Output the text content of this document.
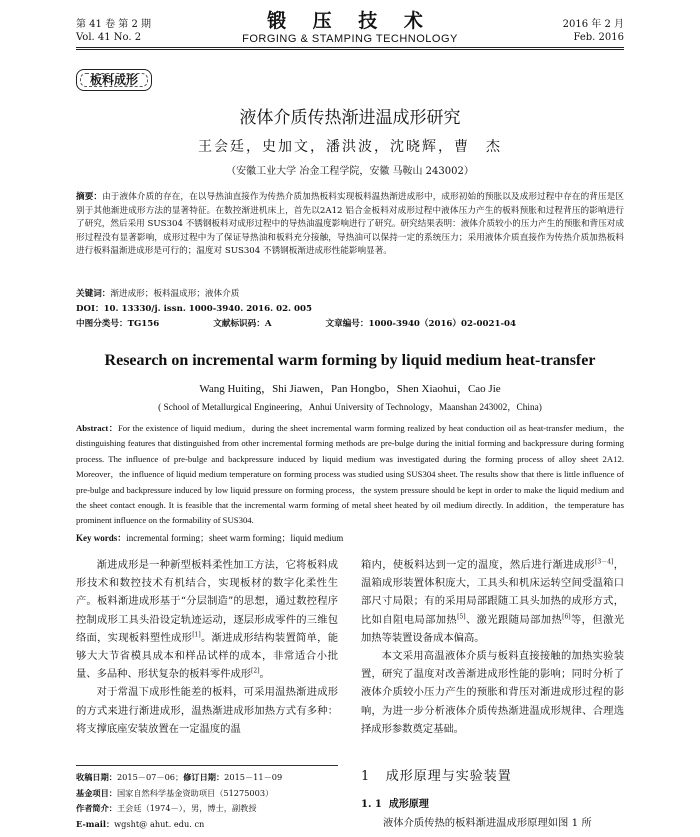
第 41 卷 第 2 期
Vol. 41 No. 2
锻 压 技 术
FORGING & STAMPING TECHNOLOGY
2016 年 2 月
Feb. 2016
板料成形
液体介质传热渐进温成形研究
王会廷，史加文，潘洪波，沈晓辉，曹　杰
（安徽工业大学 冶金工程学院，安徽 马鞍山 243002）
摘要：由于液体介质的存在，在以导热油直接作为传热介质加热板料实现板料温热渐进成形中，成形初始的预胀以及成形过程中存在的背压是区别于其他渐进成形方法的显著特征。在数控渐进机床上，首先以2A12 铝合金板料对成形过程中液体压力产生的板料预胀和过程背压的影响进行了研究，然后采用 SUS304 不锈钢板料对成形过程中的导热油温度影响进行了研究。研究结果表明：液体介质较小的压力产生的预胀和背压对成形过程没有显著影响，成形过程中为了保证导热油和板料充分接触，导热油可以保持一定的系统压力；采用液体介质直接作为传热介质加热板料进行板料温渐进成形是可行的；温度对 SUS304 不锈钢板渐进成形性能影响显著。
关键词：渐进成形；板料温成形；液体介质
DOI：10. 13330/j. issn. 1000-3940. 2016. 02. 005
中图分类号：TG156	文献标识码：A	文章编号：1000-3940（2016）02-0021-04
Research on incremental warm forming by liquid medium heat-transfer
Wang Huiting，Shi Jiawen，Pan Hongbo，Shen Xiaohui，Cao Jie
( School of Metallurgical Engineering，Anhui University of Technology，Maanshan 243002，China)
Abstract：For the existence of liquid medium，during the sheet incremental warm forming realized by heat conduction oil as heat-transfer medium，the distinguishing features that distinguished from other incremental forming methods are pre-bulge during the initial forming and backpressure during forming process. The influence of pre-bulge and backpressure induced by liquid medium was investigated during the forming process of alloy sheet 2A12. Moreover，the influence of liquid medium temperature on forming process was studied using SUS304 sheet. The results show that there is little influence of pre-bulge and backpressure induced by low liquid pressure on forming process，the system pressure should be kept in order to make the liquid medium and the sheet contact enough. It is feasible that the incremental warm forming of metal sheet heated by oil medium directly. In addition，the temperature has prominent influence on the formability of SUS304.
Key words：incremental forming；sheet warm forming；liquid medium

渐进成形是一种新型板料柔性加工方法，它将板料成形技术和数控技术有机结合，实现板材的数字化柔性生产。板料渐进成形基于“分层制造”的思想，通过数控程序控制成形工具头沿设定轨迹运动，逐层形成零件的三维包络面，实现板料塑性成形[1]。渐进成形结构装置简单，能够大大节省模具成本和样品试样的成本，非常适合小批量、多品种、形状复杂的板料零件成形[2]。

对于常温下成形性能差的板料，可采用温热渐进成形的方式来进行渐进成形，温热渐进成形加热方式有多种：将支撑底座安装放置在一定温度的温

箱内，使板料达到一定的温度，然后进行渐进成形[3－4]，温箱成形装置体积庞大，工具头和机床运转空间受温箱口部尺寸局限；有的采用局部跟随工具头加热的成形方式，比如自阻电局部加热[5]、激光跟随局部加热[6]等，但激光加热等装置设备成本偏高。

本文采用高温液体介质与板料直接接触的加热实验装置，研究了温度对改善渐进成形性能的影响；同时分析了液体介质较小压力产生的预胀和背压对渐进成形过程的影响，为进一步分析液体介质传热渐进温成形规律、合理选择成形参数奠定基础。

收稿日期：2015－07－06；修订日期：2015－11－09
基金项目：国家自然科学基金资助项目（51275003）
作者简介：王会廷（1974－），男，博士，副教授
E-mail：wgsht@ ahut. edu. cn
1 成形原理与实验装置
1. 1 成形原理
液体介质传热的板料渐进温成形原理如图 1 所
